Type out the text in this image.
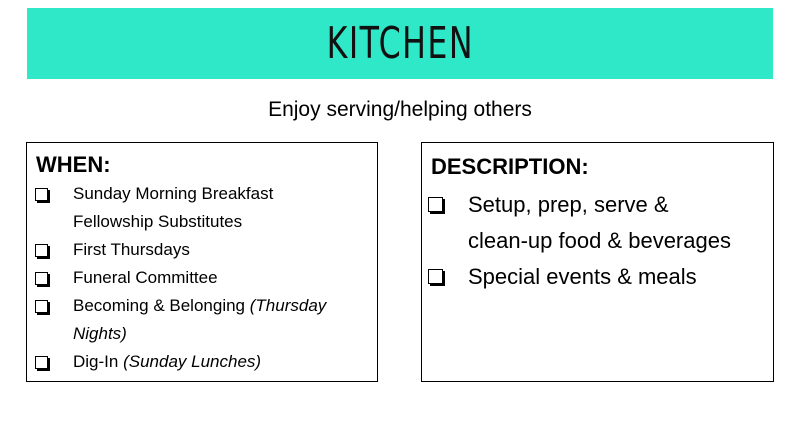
KITCHEN
Enjoy serving/helping others
WHEN:
Sunday Morning Breakfast
Fellowship Substitutes
First Thursdays
Funeral Committee
Becoming & Belonging (Thursday
Nights)
Dig-In (Sunday Lunches)
DESCRIPTION:
Setup, prep, serve &
clean-up food & beverages
Special events & meals
